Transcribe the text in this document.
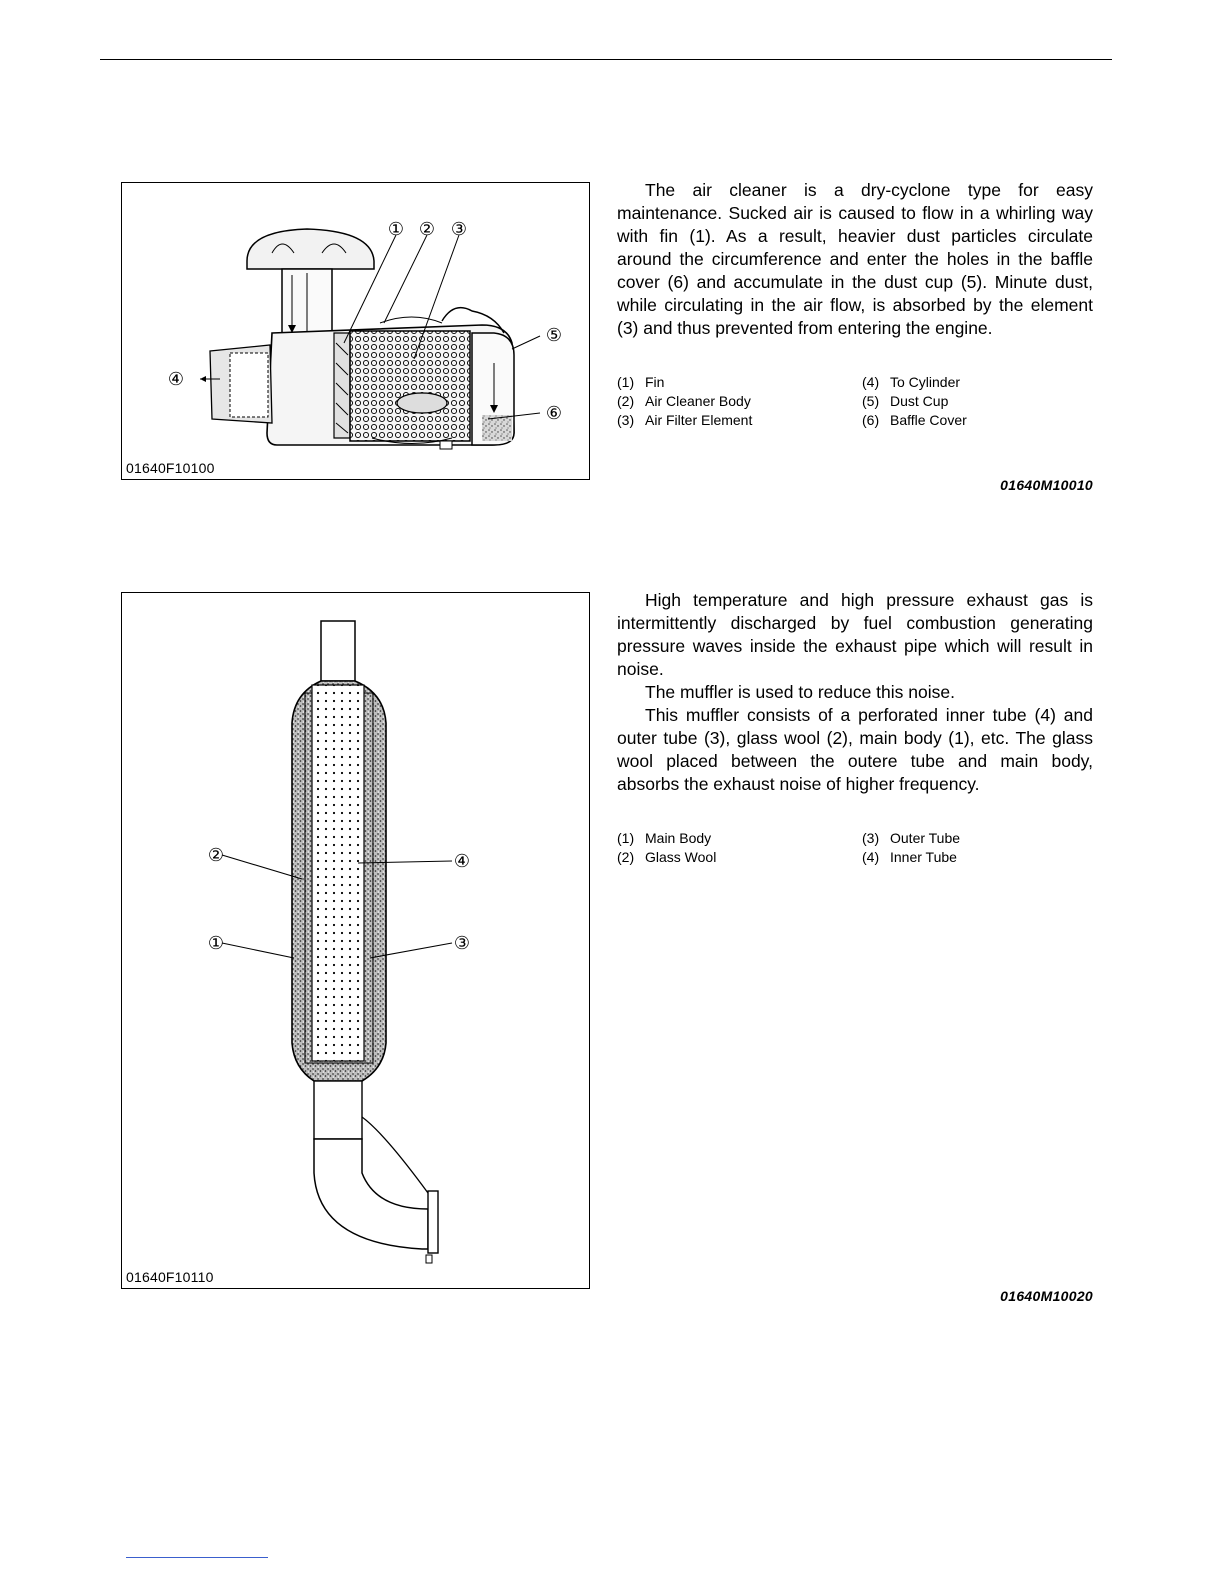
① ② ③
④
⑤
⑥
01640F10100

The air cleaner is a dry-cyclone type for easy maintenance. Sucked air is caused to flow in a whirling way with fin (1). As a result, heavier dust particles circulate around the circumference and enter the holes in the baffle cover (6) and accumulate in the dust cup (5). Minute dust, while circulating in the air flow, is absorbed by the element (3) and thus prevented from entering the engine.

(1) Fin
(2) Air Cleaner Body
(3) Air Filter Element
(4) To Cylinder
(5) Dust Cup
(6) Baffle Cover
01640M10010
②	④
①	③
01640F10110

High temperature and high pressure exhaust gas is intermittently discharged by fuel combustion generating pressure waves inside the exhaust pipe which will result in noise.

The muffler is used to reduce this noise.

This muffler consists of a perforated inner tube (4) and outer tube (3), glass wool (2), main body (1), etc. The glass wool placed between the outere tube and main body, absorbs the exhaust noise of higher frequency.

(1) Main Body
(2) Glass Wool
(3) Outer Tube
(4) Inner Tube
01640M10020
